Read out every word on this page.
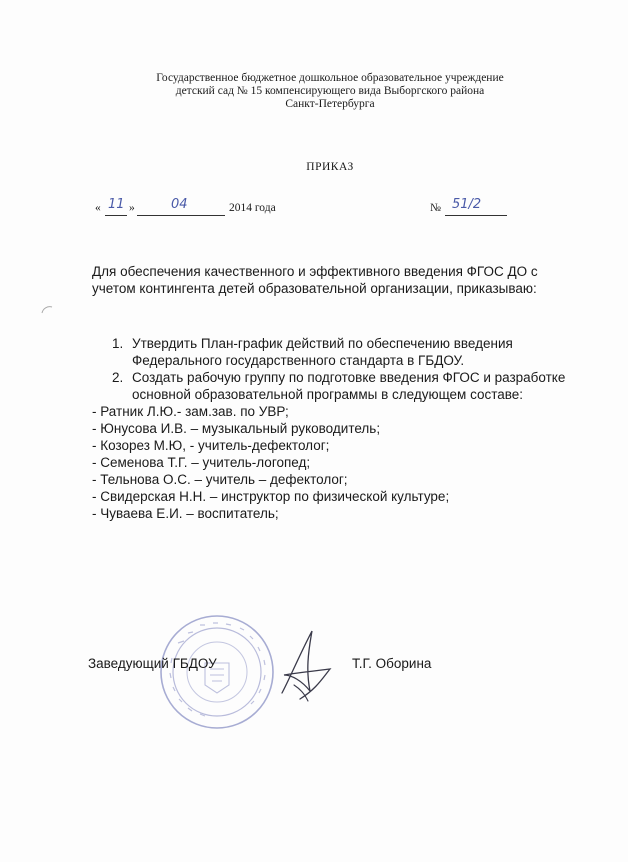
Государственное бюджетное дошкольное образовательное учреждение
детский сад № 15 компенсирующего вида Выборгского района
Санкт-Петербурга
ПРИКАЗ
« 11 »	04	2014 года	№ 51/2
Для обеспечения качественного и эффективного введения ФГОС ДО с учетом контингента детей образовательной организации, приказываю:
1. Утвердить План-график действий по обеспечению введения Федерального государственного стандарта в ГБДОУ.
2. Создать рабочую группу по подготовке введения ФГОС и разработке основной образовательной программы в следующем составе:
- Ратник Л.Ю.- зам.зав. по УВР;
- Юнусова И.В. – музыкальный руководитель;
- Козорез М.Ю, - учитель-дефектолог;
- Семенова Т.Г. – учитель-логопед;
- Тельнова О.С. – учитель – дефектолог;
- Свидерская Н.Н. – инструктор по физической культуре;
- Чуваева Е.И. – воспитатель;
Заведующий ГБДОУ	Т.Г. Оборина
